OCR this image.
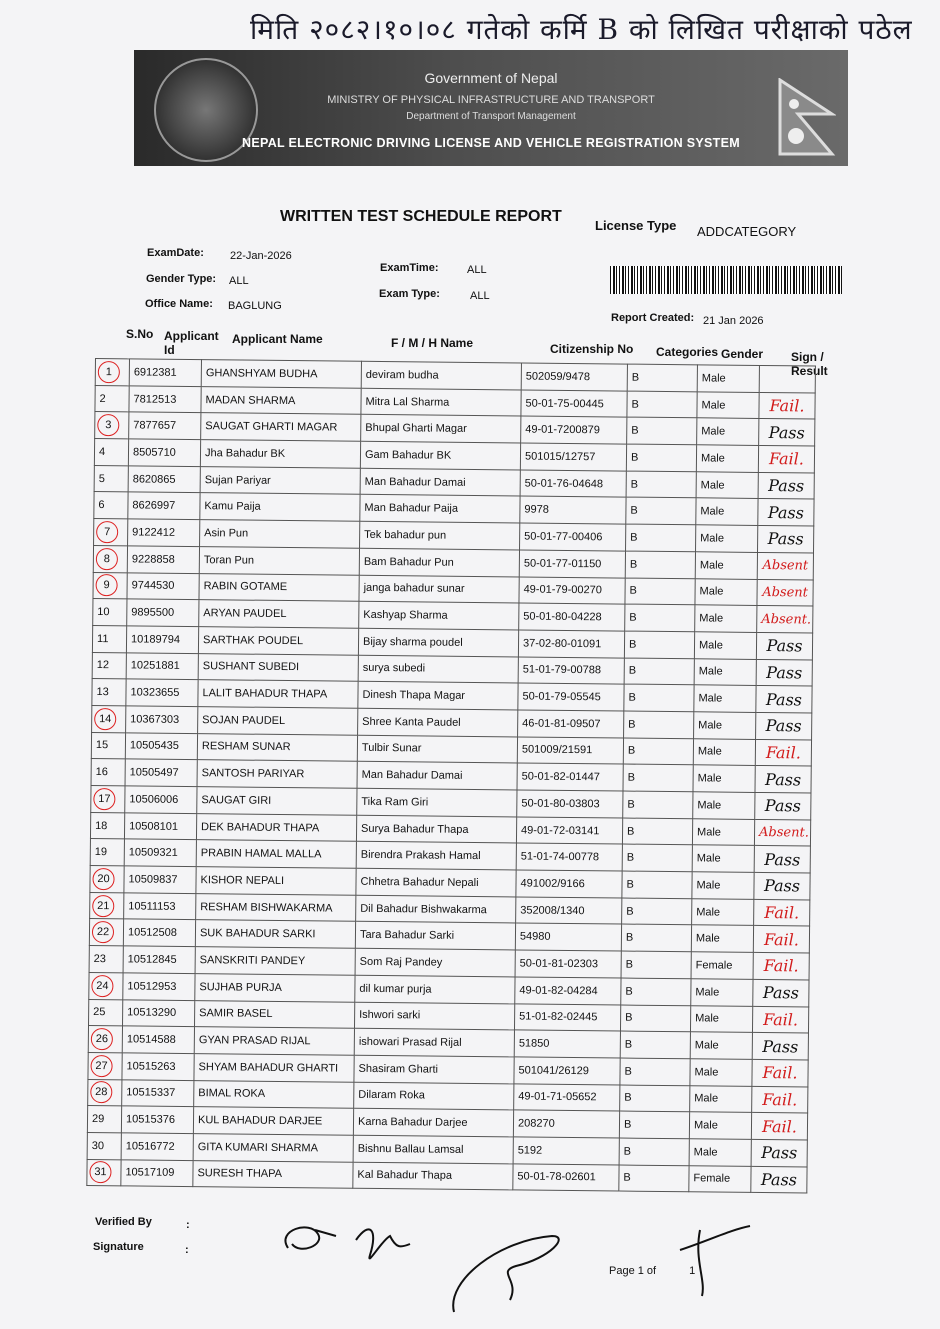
मिति २०८२।१०।०८ गतेको कर्मि B को लिखित परीक्षाको पठेल
Government of Nepal
MINISTRY OF PHYSICAL INFRASTRUCTURE AND TRANSPORT
Department of Transport Management
NEPAL ELECTRONIC DRIVING LICENSE AND VEHICLE REGISTRATION SYSTEM
WRITTEN TEST SCHEDULE REPORT
License Type ADDCATEGORY
ExamDate: 22-Jan-2026
Gender Type: ALL
Office Name: BAGLUNG
ExamTime:	ALL
Exam Type:	ALL
Report Created: 21 Jan 2026
S.No Applicant Id
Applicant Name	F / M / H Name	Citizenship No Categories Gender Sign / Result
1	6912381	GHANSHYAM BUDHA	deviram budha	502059/9478	B	Male	
2	7812513	MADAN SHARMA	Mitra Lal Sharma	50-01-75-00445	B	Male	Fail.
3	7877657	SAUGAT GHARTI MAGAR	Bhupal Gharti Magar	49-01-7200879	B	Male	Pass
4	8505710	Jha Bahadur BK	Gam Bahadur BK	501015/12757	B	Male	Fail.
5	8620865	Sujan Pariyar	Man Bahadur Damai	50-01-76-04648	B	Male	Pass
6	8626997	Kamu Paija	Man Bahadur Paija	9978	B	Male	Pass
7	9122412	Asin Pun	Tek bahadur pun	50-01-77-00406	B	Male	Pass
8	9228858	Toran Pun	Bam Bahadur Pun	50-01-77-01150	B	Male	Absent
9	9744530	RABIN GOTAME	janga bahadur sunar	49-01-79-00270	B	Male	Absent
10	9895500	ARYAN PAUDEL	Kashyap Sharma	50-01-80-04228	B	Male	Absent.
11	10189794	SARTHAK POUDEL	Bijay sharma poudel	37-02-80-01091	B	Male	Pass
12	10251881	SUSHANT SUBEDI	surya subedi	51-01-79-00788	B	Male	Pass
13	10323655	LALIT BAHADUR THAPA	Dinesh Thapa Magar	50-01-79-05545	B	Male	Pass
14	10367303	SOJAN PAUDEL	Shree Kanta Paudel	46-01-81-09507	B	Male	Pass
15	10505435	RESHAM SUNAR	Tulbir Sunar	501009/21591	B	Male	Fail.
16	10505497	SANTOSH PARIYAR	Man Bahadur Damai	50-01-82-01447	B	Male	Pass
17	10506006	SAUGAT GIRI	Tika Ram Giri	50-01-80-03803	B	Male	Pass
18	10508101	DEK BAHADUR THAPA	Surya Bahadur Thapa	49-01-72-03141	B	Male	Absent.
19	10509321	PRABIN HAMAL MALLA	Birendra Prakash Hamal	51-01-74-00778	B	Male	Pass
20	10509837	KISHOR NEPALI	Chhetra Bahadur Nepali	491002/9166	B	Male	Pass
21	10511153	RESHAM BISHWAKARMA	Dil Bahadur Bishwakarma	352008/1340	B	Male	Fail.
22	10512508	SUK BAHADUR SARKI	Tara Bahadur Sarki	54980	B	Male	Fail.
23	10512845	SANSKRITI PANDEY	Som Raj Pandey	50-01-81-02303	B	Female	Fail.
24	10512953	SUJHAB PURJA	dil kumar purja	49-01-82-04284	B	Male	Pass
25	10513290	SAMIR BASEL	Ishwori sarki	51-01-82-02445	B	Male	Fail.
26	10514588	GYAN PRASAD RIJAL	ishowari Prasad Rijal	51850	B	Male	Pass
27	10515263	SHYAM BAHADUR GHARTI	Shasiram Gharti	501041/26129	B	Male	Fail.
28	10515337	BIMAL ROKA	Dilaram Roka	49-01-71-05652	B	Male	Fail.
29	10515376	KUL BAHADUR DARJEE	Karna Bahadur Darjee	208270	B	Male	Fail.
30	10516772	GITA KUMARI SHARMA	Bishnu Ballau Lamsal	5192	B	Male	Pass
31	10517109	SURESH THAPA	Kal Bahadur Thapa	50-01-78-02601	B	Female	Pass
Verified By	:
Signature	:
Page 1 of	1
